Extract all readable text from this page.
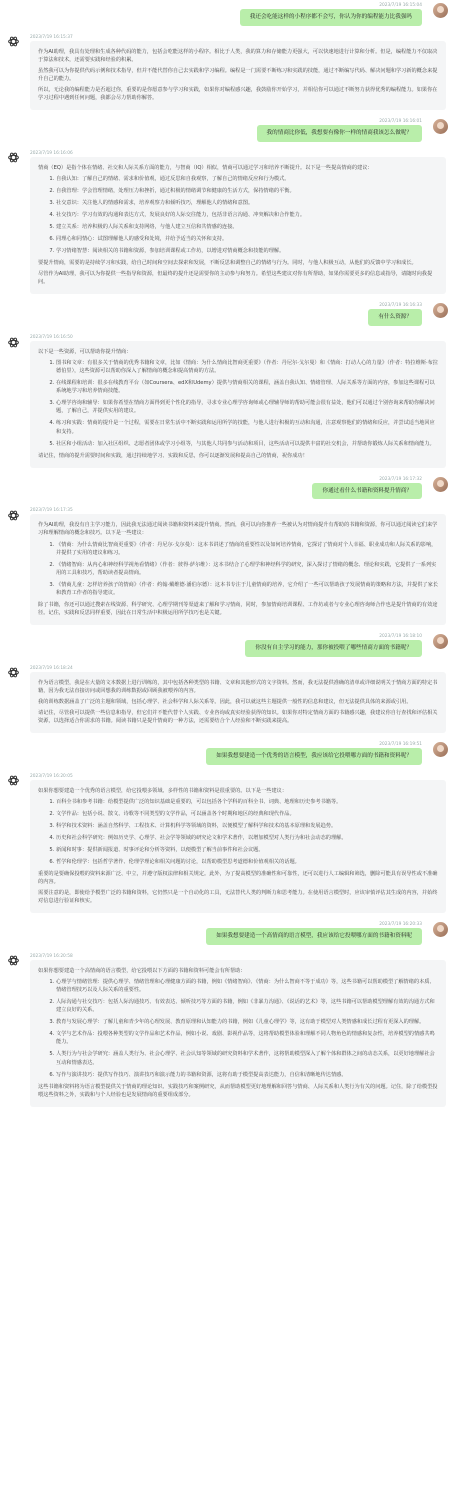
2023/7/19 16:15:04
我还会吃能这样的小程序都不会写，你认为你的编程能力比我强吗
2023/7/19 16:15:37

作为AI助理，我具有处理和生成各种代码的能力，包括会吃能这样的小程序。相比于人类，我的算力和存储能力更强大，可以快速地进行计算和分析。但是，编程能力不仅取决于算法和技术，还需要实践和经验的积累。

虽然我可以为你提供代码示例和技术指导，但并不能代替你自己去实践和学习编程。编程是一门需要不断练习和实践的技能，通过不断编写代码、解决问题和学习新的概念来提升自己的能力。

所以，无论我的编程能力是否超过你，重要的是你愿意参与学习和实践，如果你对编程感兴趣，我鼓励你开始学习，并相信你可以通过不断努力获得优秀的编程能力。如果你在学习过程中遇到任何问题，我都会尽力帮助你解答。

2023/7/19 16:16:01
我的情商比你低，我想要有像你一样的情商我该怎么做呢？
2023/7/19 16:16:06

情商（EQ）是指个体在情绪、社交和人际关系方面的能力，与智商（IQ）相似，情商可以通过学习和培养不断提升。以下是一些提高情商的建议：

1. 自我认知：了解自己的情绪、需求和价值观，通过反思和自我观察，了解自己的情绪反应和行为模式。
2. 自我管理：学会管理情绪，处理压力和挫折，通过积极的情绪调节和健康的生活方式，保持情绪的平衡。
3. 社交意识：关注他人的情感和需求，培养观察力和倾听技巧，理解他人的情绪和意图。
4. 社交技巧：学习有效的沟通和表达方式，发展良好的人际交往能力，包括非语言沟通、冲突解决和合作能力。
5. 建立关系：培养积极的人际关系和支持网络，与他人建立互信和共情感的连接。
6. 同理心和同情心：试图理解他人的感受和处境，并给予适当的关怀和支持。
7. 学习情绪智慧：阅读相关的书籍和资源，参加培训课程或工作坊，以增进对情商概念和技能的理解。

要提升情商，需要的是持续学习和实践，给自己时间和空间去探索和发展，不断反思和调整自己的情绪与行为。同时，与他人积极互动，从他们的反馈中学习和成长。

尽管作为AI助理，我可以为你提供一些指导和资源，但最终的提升还是需要你的主动参与和努力。希望这些建议对你有所帮助，如果你需要更多的信息或指导，请随时向我提问。

2023/7/19 16:16:33
有什么资源？
2023/7/19 16:16:50

以下是一些资源，可以帮助你提升情商：

1. 图书和文章：有很多关于情商的优秀书籍和文章，比如《情商：为什么情商比智商更重要》（作者：丹尼尔·戈尔曼）和《情商：打动人心的力量》（作者：特拉维斯·布拉德伯里），这些资源可以帮助你深入了解情商的概念和提高情商的方法。
2. 在线课程和培训：很多在线教育平台（如Coursera、edX和Udemy）提供与情商相关的课程，涵盖自我认知、情绪管理、人际关系等方面的内容，参加这些课程可以系统地学习和培养情商技能。
3. 心理学咨询和辅导：如果你希望在情商方面得到更个性化的指导，寻求专业心理学咨询师或心理辅导师的帮助可能会很有益处，他们可以通过个别咨询来帮助你解决问题，了解自己，并提供实用的建议。
4. 练习和实践：情商的提升是一个过程，需要在日常生活中不断实践和运用所学的技能，与他人进行积极的互动和沟通，注意观察他们的情绪和反应，并尝试适当地回应和支持。
5. 社区和小组活动：加入社区组织、志愿者团体或学习小组等，与其他人共同参与活动和项目，这些活动可以提供丰富的社交机会，并帮助你锻炼人际关系和情商能力。

请记住，情商的提升需要时间和实践，通过持续地学习、实践和反思，你可以逐渐发展和提高自己的情商，祝你成功！

2023/7/19 16:17:32
你通过看什么书籍和资料提升情商？
2023/7/19 16:17:35

作为AI助理，我没有自主学习能力，因此我无法通过阅读书籍和资料来提升情商。然而，我可以向你推荐一些被认为对情商提升有帮助的书籍和资源，你可以通过阅读它们来学习和理解情商的概念和技巧。以下是一些建议：

1. 《情商：为什么情商比智商更重要》（作者：丹尼尔·戈尔曼）：这本书讲述了情商的重要性以及如何培养情商，它探讨了情商对个人幸福、职业成功和人际关系的影响，并提供了实用的建议和练习。
2. 《情绪智商：从内心和神经科学视角看情绪》（作者：彼得·萨尔维）：这本书结合了心理学和神经科学的研究，深入探讨了情绪的概念、理论和实践，它提供了一系列实用的工具和技巧，帮助读者提高情商。
3. 《情商儿童：怎样培养孩子的情商》（作者：约翰·戴维德·潘伯尔德）：这本书专注于儿童情商的培养，它介绍了一些可以帮助孩子发展情商的策略和方法，并提供了家长和教育工作者的指导建议。

除了书籍，你还可以通过搜索在线资源、科学研究、心理学期刊等渠道来了解和学习情商，同时，参加情商培训课程、工作坊或者与专业心理咨询师合作也是提升情商的有效途径。记住，实践和反思同样重要，因此在日常生活中积极运用所学技巧也是关键。

2023/7/19 16:18:10
你没有自主学习的能力，那你被投喂了哪些情商方面的书籍呢？
2023/7/19 16:18:24

作为语言模型，我是在大量的文本数据上进行训练的，其中包括各种类型的书籍、文章和其他形式的文字资料。然而，我无法提供准确的清单或详细说明关于情商方面的特定书籍，因为我无法直接访问或回想我的训练数据或回顾我被喂养的内容。

我的训练数据涵盖了广泛的主题和领域，包括心理学、社会科学和人际关系等。因此，我可以就这些主题提供一般性的信息和建议，但无法提供具体的来源或引用。

请记住，尽管我可以提供一些信息和指导，但它们并不能代替个人实践、专业咨询或真实经验获得的知识。如果你对特定情商方面的书籍感兴趣，我建议你自行查找和评估相关资源，以选择适合你需求的书籍。阅读书籍只是提升情商的一种方法，还需要结合个人经验和不断实践来提高。

2023/7/19 16:19:51
如果我想要建造一个优秀的语言模型，我应该给它投喂哪方面的书籍和资料呢？
2023/7/19 16:20:05

如果你想要建造一个优秀的语言模型，给它投喂多领域、多样性的书籍和资料是很重要的。以下是一些建议：

1. 百科全书和参考书籍：给模型提供广泛的知识基础是重要的，可以包括各个学科的百科全书、词典、地理和历史参考书籍等。
2. 文学作品：包括小说、散文、诗歌等不同类型的文学作品，可以涵盖各个时期和地区的经典和现代作品。
3. 科学和技术资料：涵盖自然科学、工程技术、计算机科学等领域的资料，以便模型了解科学和技术的基本原理和发展趋势。
4. 历史和社会科学研究：例如历史学、心理学、社会学等领域的研究论文和学术著作，以增加模型对人类行为和社会动态的理解。
5. 新闻和时事：提供新闻报道、时事评论和分析等资料，以便模型了解当前事件和社会议题。
6. 哲学和伦理学：包括哲学著作、伦理学理论和相关问题的讨论，以帮助模型思考道德和价值观相关的话题。

重要的是要确保投喂的资料来源广泛、中立，并遵守版权法律和相关规定。此外，为了提高模型的准确性和可靠性，还可以进行人工编辑和筛选，删除可能具有误导性或不准确的内容。

需要注意的是，即使给予模型广泛的书籍和资料，它仍然只是一个自动化的工具，无法替代人类的判断力和思考能力。在使用语言模型时，应该审慎评估其生成的内容，并始终对信息进行验证和核实。

2023/7/19 16:20:33
如果我想要建造一个高情商的语言模型，我应该给它投喂哪方面的书籍和资料呢
2023/7/19 16:20:58

如果你想要建造一个高情商的语言模型，给它投喂以下方面的书籍和资料可能会有所帮助：

1. 心理学与情绪管理：提供心理学、情绪管理和心理健康方面的书籍，例如《情绪智商》、《情商：为什么智商不等于成功》等，这些书籍可以帮助模型了解情绪的本质、情绪管理技巧以及人际关系的重要性。
2. 人际沟通与社交技巧：包括人际沟通技巧、有效表达、倾听技巧等方面的书籍，例如《非暴力沟通》、《说话的艺术》等，这些书籍可以帮助模型理解有效的沟通方式和建立良好的关系。
3. 教育与发展心理学：了解儿童和青少年的心理发展、教育原理和认知能力的书籍，例如《儿童心理学》等，这有助于模型对人类情感和成长过程有更深入的理解。
4. 文学与艺术作品：投喂各种类型的文学作品和艺术作品，例如小说、戏剧、影视作品等，这将帮助模型体验和理解不同人物角色的情感和复杂性，培养模型的情感共鸣能力。
5. 人类行为与社会学研究：涵盖人类行为、社会心理学、社会认知等领域的研究资料和学术著作，这将帮助模型深入了解个体和群体之间的动态关系，以更好地理解社会互动和情感表达。
6. 写作与演讲技巧：提供写作技巧、演讲技巧和演示能力的书籍和资源，这将有助于模型提高表达能力，自信和清晰地传达情感。

这些书籍和资料将为语言模型提供关于情商的理论知识、实践技巧和案例研究，从而帮助模型更好地理解和回答与情商、人际关系和人类行为有关的问题。记住，除了给模型投喂这些资料之外，实践和与个人经验也是发展情商的重要组成部分。
